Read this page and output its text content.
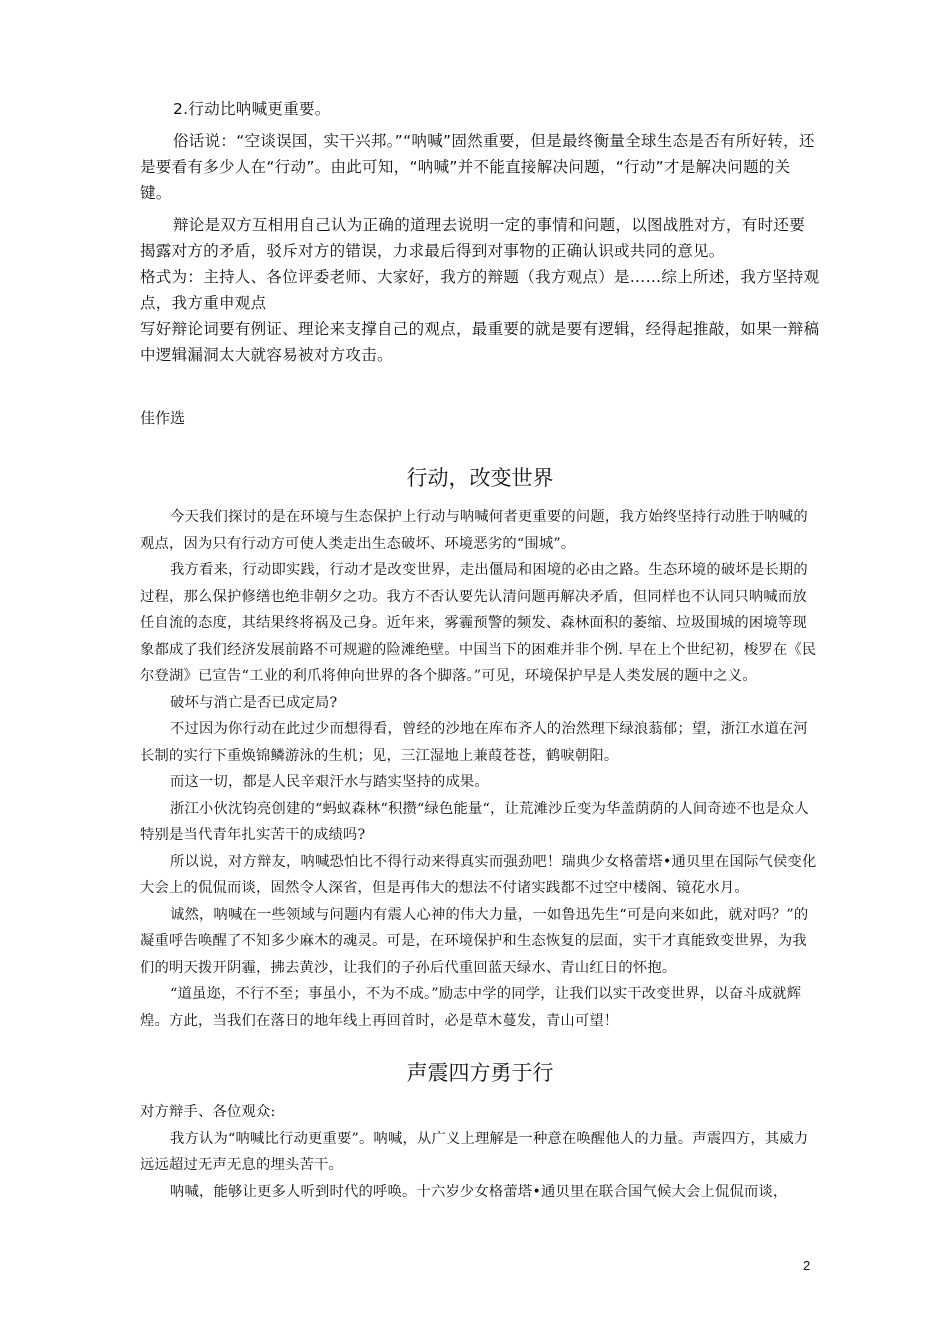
2.行动比呐喊更重要。

俗话说：“空谈误国，实干兴邦。”“呐喊”固然重要，但是最终衡量全球生态是否有所好转，还是要看有多少人在“行动”。由此可知，“呐喊”并不能直接解决问题，“行动”才是解决问题的关键。

辩论是双方互相用自己认为正确的道理去说明一定的事情和问题，以图战胜对方，有时还要揭露对方的矛盾，驳斥对方的错误，力求最后得到对事物的正确认识或共同的意见。

格式为：主持人、各位评委老师、大家好，我方的辩题（我方观点）是……综上所述，我方坚持观点，我方重申观点

写好辩论词要有例证、理论来支撑自己的观点，最重要的就是要有逻辑，经得起推敲，如果一辩稿中逻辑漏洞太大就容易被对方攻击。

佳作选
行动，改变世界

今天我们探讨的是在环境与生态保护上行动与呐喊何者更重要的问题，我方始终坚持行动胜于呐喊的观点，因为只有行动方可使人类走出生态破坏、环境恶劣的“围城”。

我方看来，行动即实践，行动才是改变世界，走出僵局和困境的必由之路。生态环境的破坏是长期的过程，那么保护修缮也绝非朝夕之功。我方不否认要先认清问题再解决矛盾，但同样也不认同只呐喊而放任自流的态度，其结果终将祸及己身。近年来，雾霾预警的频发、森林面积的萎缩、垃圾围城的困境等现象都成了我们经济发展前路不可规避的险滩绝壁。中国当下的困难并非个例. 早在上个世纪初，梭罗在《民尔登湖》已宣告“工业的利爪将伸向世界的各个脚落。”可见，环境保护早是人类发展的题中之义。

破坏与消亡是否已成定局?

不过因为你行动在此过少而想得看，曾经的沙地在库布齐人的治然理下绿浪蓊郁；望，浙江水道在河长制的实行下重焕锦鳞游泳的生机；见，三江湿地上兼葭苍苍，鹤唳朝阳。

而这一切，都是人民辛艰汗水与踏实坚持的成果。

浙江小伙沈钧亮创建的“蚂蚁森林“积攒“绿色能量“，让荒滩沙丘变为华盖荫荫的人间奇迹不也是众人特别是当代青年扎实苦干的成绩吗?

所以说，对方辩友，呐喊恐怕比不得行动来得真实而强劲吧！瑞典少女格蕾塔•通贝里在国际气侯变化大会上的侃侃而谈，固然令人深省，但是再伟大的想法不付诸实践都不过空中楼阁、镜花水月。

诚然，呐喊在一些领域与问题内有震人心神的伟大力量，一如鲁迅先生“可是向来如此，就对吗？”的凝重呼告唤醒了不知多少麻木的魂灵。可是，在环境保护和生态恢复的层面，实干才真能致变世界，为我们的明天拨开阴霾，拂去黄沙，让我们的子孙后代重回蓝天绿水、青山红日的怀抱。

“道虽迩，不行不至；事虽小，不为不成。”励志中学的同学，让我们以实干改变世界，以奋斗成就辉煌。方此，当我们在落日的地年线上再回首时，必是草木蔓发，青山可望！

声震四方勇于行

对方辩手、各位观众:

我方认为“呐喊比行动更重要”。呐喊，从广义上理解是一种意在唤醒他人的力量。声震四方，其威力远远超过无声无息的埋头苦干。

呐喊，能够让更多人听到时代的呼唤。十六岁少女格蕾塔•通贝里在联合国气候大会上侃侃而谈，

2
